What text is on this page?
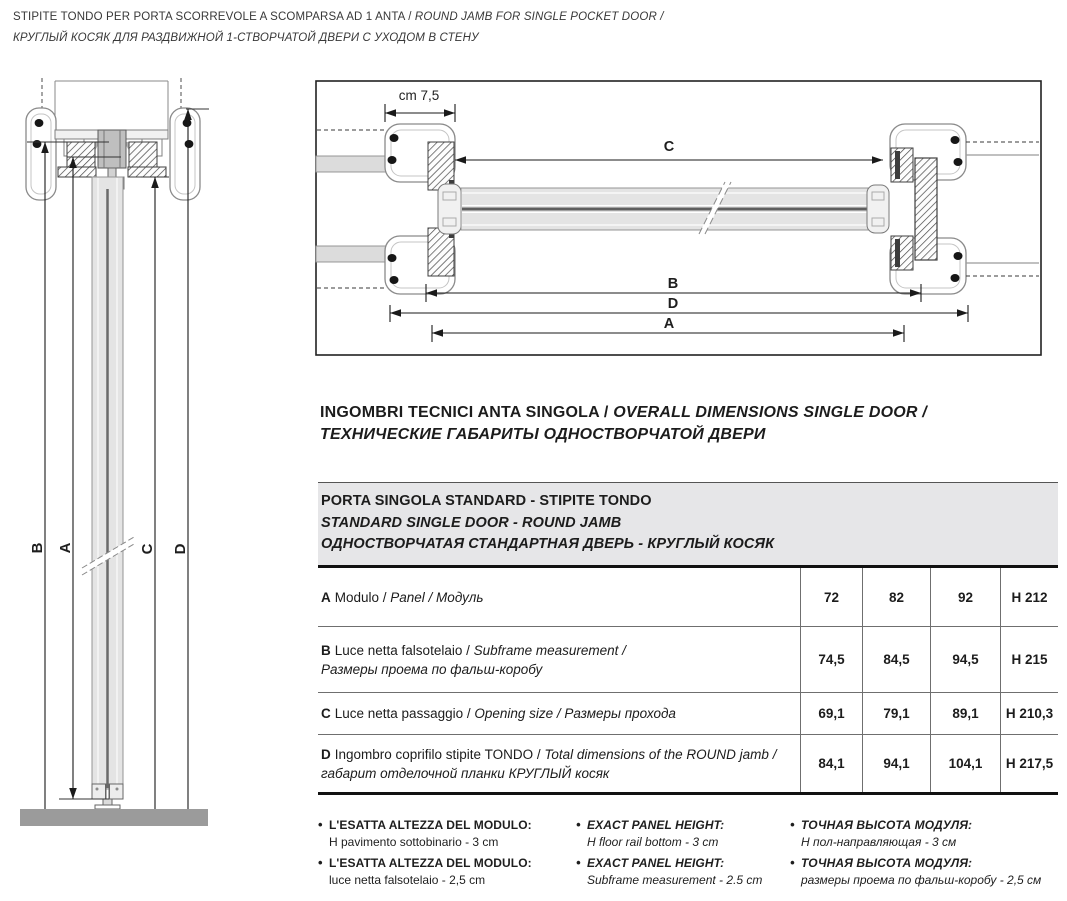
STIPITE TONDO PER PORTA SCORREVOLE A SCOMPARSA AD 1 ANTA / ROUND JAMB FOR SINGLE POCKET DOOR /
КРУГЛЫЙ КОСЯК ДЛЯ РАЗДВИЖНОЙ 1-СТВОРЧАТОЙ ДВЕРИ С УХОДОМ В СТЕНУ
B A	C D
cm 7,5
C
B
D
A
INGOMBRI TECNICI ANTA SINGOLA / OVERALL DIMENSIONS SINGLE DOOR /
ТЕХНИЧЕСКИЕ ГАБАРИТЫ ОДНОСТВОРЧАТОЙ ДВЕРИ
PORTA SINGOLA STANDARD - STIPITE TONDO
STANDARD SINGLE DOOR - ROUND JAMB
ОДНОСТВОРЧАТАЯ СТАНДАРТНАЯ ДВЕРЬ - КРУГЛЫЙ КОСЯК
A Modulo / Panel / Модуль	72	82	92	H 212
B Luce netta falsotelaio / Subframe measurement /
Размеры проема по фальш-коробу
74,5	84,5	94,5	H 215
C Luce netta passaggio / Opening size / Размеры прохода	69,1	79,1	89,1	H 210,3
D Ingombro coprifilo stipite TONDO / Total dimensions of the ROUND jamb /
габарит отделочной планки КРУГЛЫЙ косяк
84,1	94,1	104,1	H 217,5
• L'ESATTA ALTEZZA DEL MODULO:
H pavimento sottobinario - 3 cm
• L'ESATTA ALTEZZA DEL MODULO:
luce netta falsotelaio - 2,5 cm
• EXACT PANEL HEIGHT:
H floor rail bottom - 3 cm
• EXACT PANEL HEIGHT:
Subframe measurement - 2.5 cm
• ТОЧНАЯ ВЫСОТА МОДУЛЯ:
Н пол-направляющая - 3 см
• ТОЧНАЯ ВЫСОТА МОДУЛЯ:
размеры проема по фальш-коробу - 2,5 см
